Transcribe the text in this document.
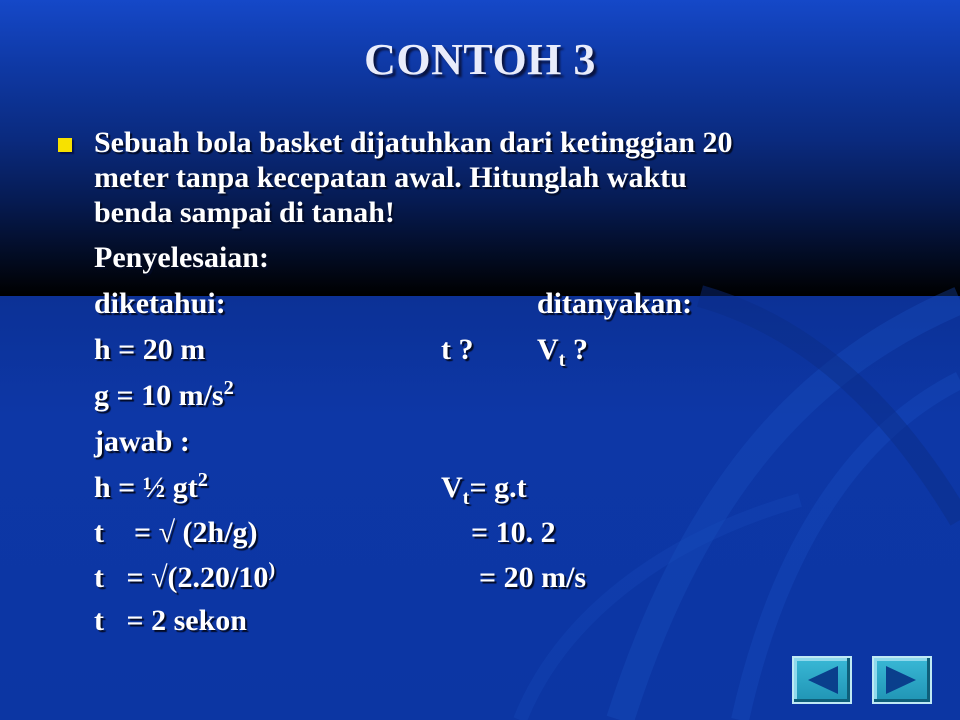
CONTOH 3
Sebuah bola basket dijatuhkan dari ketinggian 20
meter tanpa kecepatan awal. Hitunglah waktu
benda sampai di tanah!
Penyelesaian:
diketahui:	ditanyakan:
h = 20 m	t ? $V_t$ ?
g = 10 $m/s^2$
jawab :
h = ½ $gt^2$	$V_t= g.t$
t    = √ (2h/g)	= 10. 2
t   = √(2.20/10)	= 20 m/s
t   = 2 sekon
